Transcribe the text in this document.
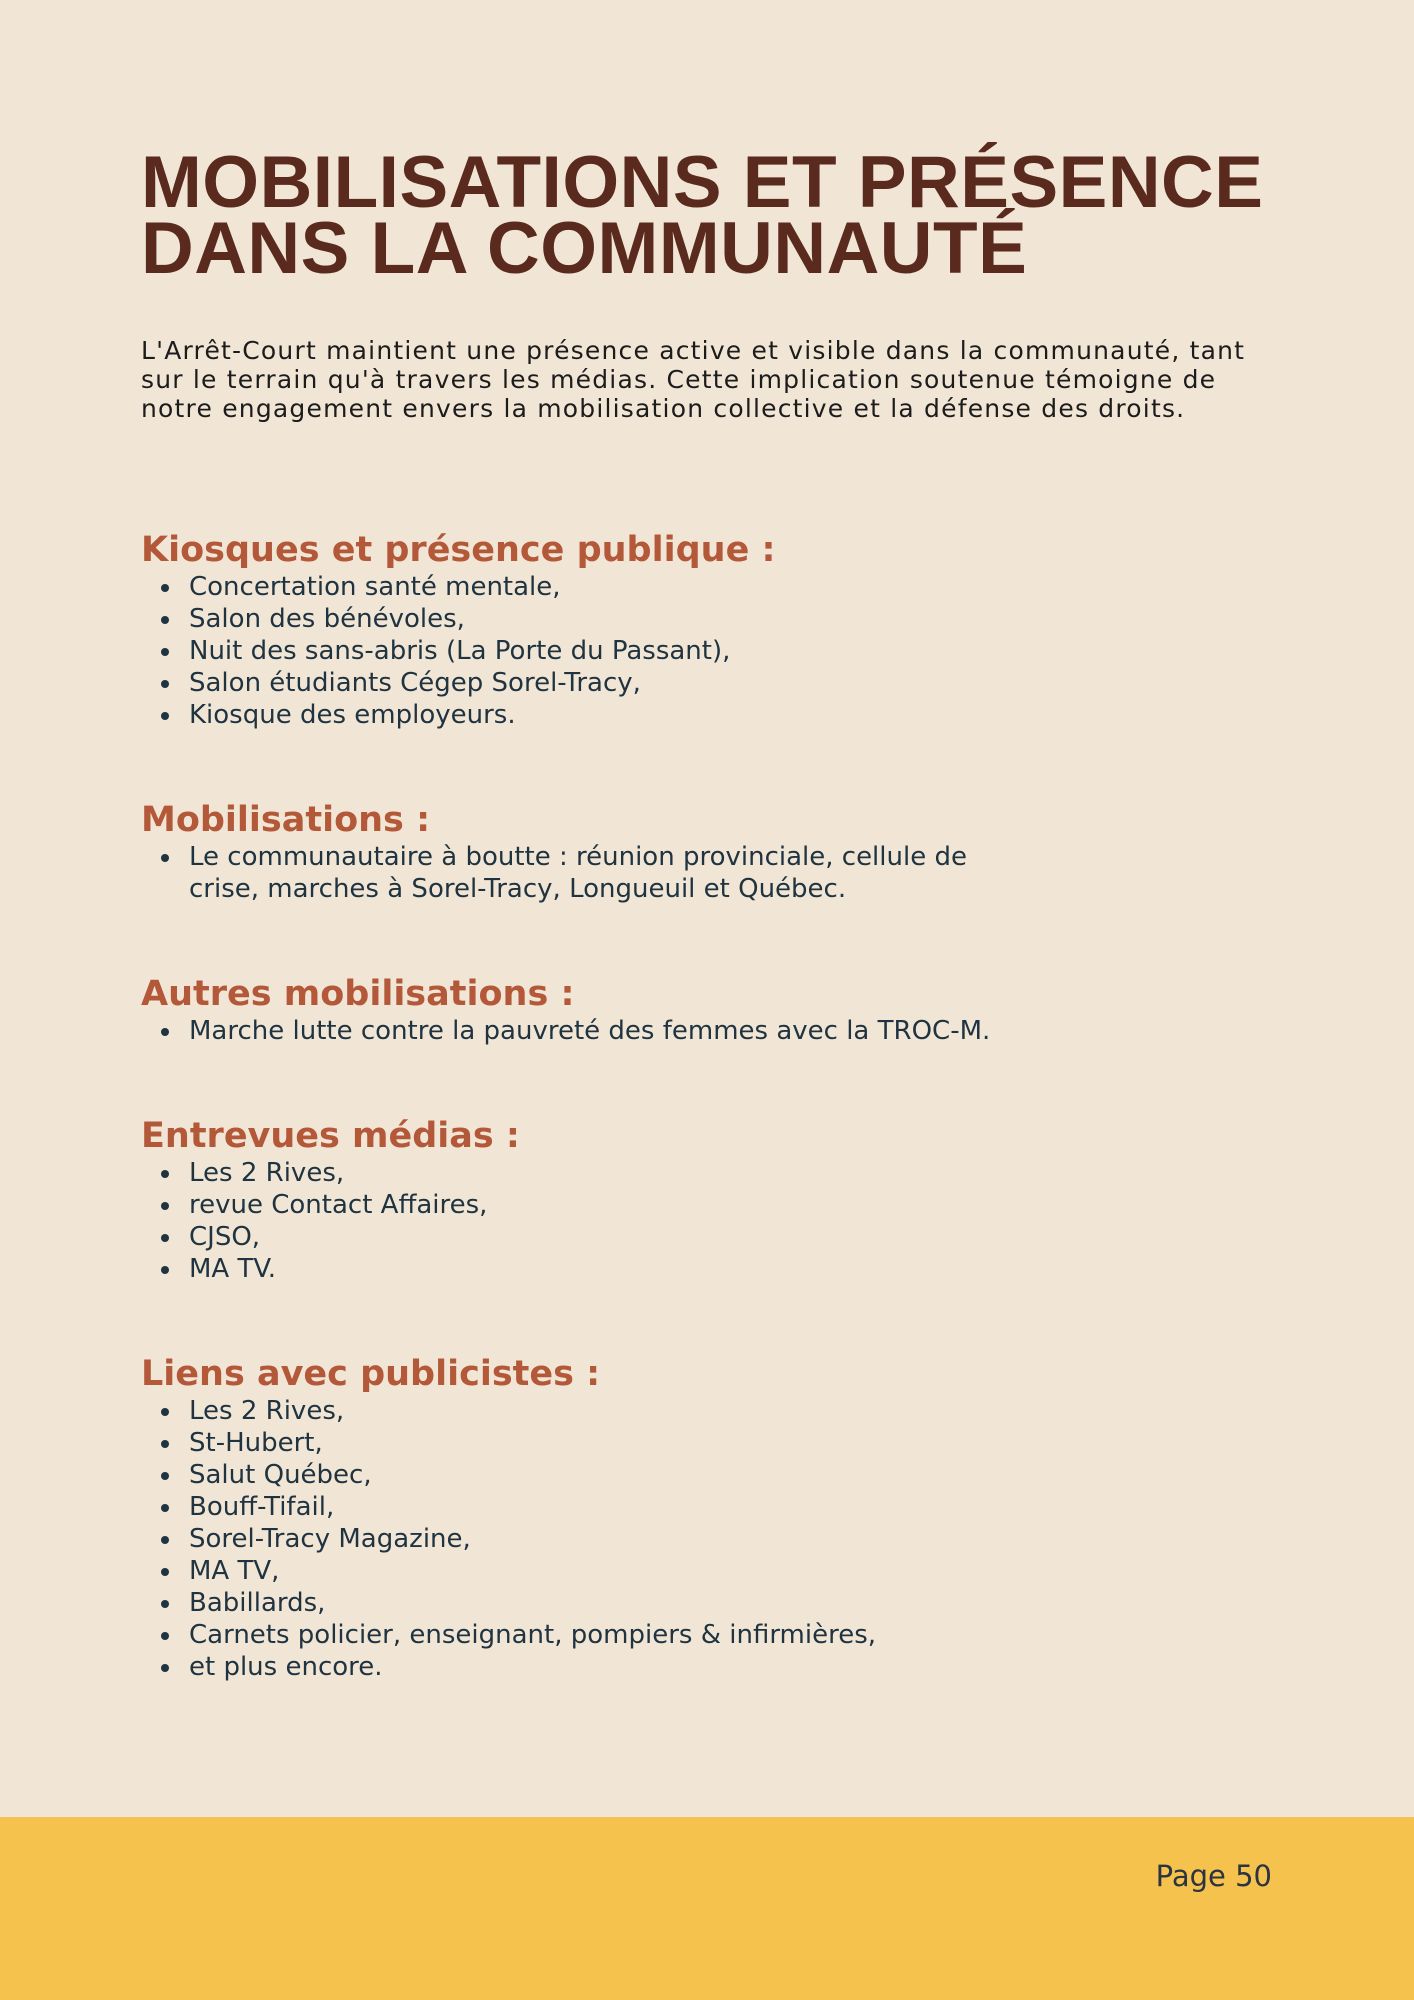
MOBILISATIONS ET PRÉSENCE
DANS LA COMMUNAUTÉ

L'Arrêt-Court maintient une présence active et visible dans la communauté, tant sur le terrain qu'à travers les médias. Cette implication soutenue témoigne de notre engagement envers la mobilisation collective et la défense des droits.

Kiosques et présence publique :
Concertation santé mentale,
Salon des bénévoles,
Nuit des sans-abris (La Porte du Passant),
Salon étudiants Cégep Sorel-Tracy,
Kiosque des employeurs.
Mobilisations :
Le communautaire à boutte : réunion provinciale, cellule de crise, marches à Sorel-Tracy, Longueuil et Québec.
Autres mobilisations :
Marche lutte contre la pauvreté des femmes avec la TROC-M.
Entrevues médias :
Les 2 Rives,
revue Contact Affaires,
CJSO,
MA TV.
Liens avec publicistes :
Les 2 Rives,
St-Hubert,
Salut Québec,
Bouff-Tifail,
Sorel-Tracy Magazine,
MA TV,
Babillards,
Carnets policier, enseignant, pompiers & infirmières,
et plus encore.
Page 50
